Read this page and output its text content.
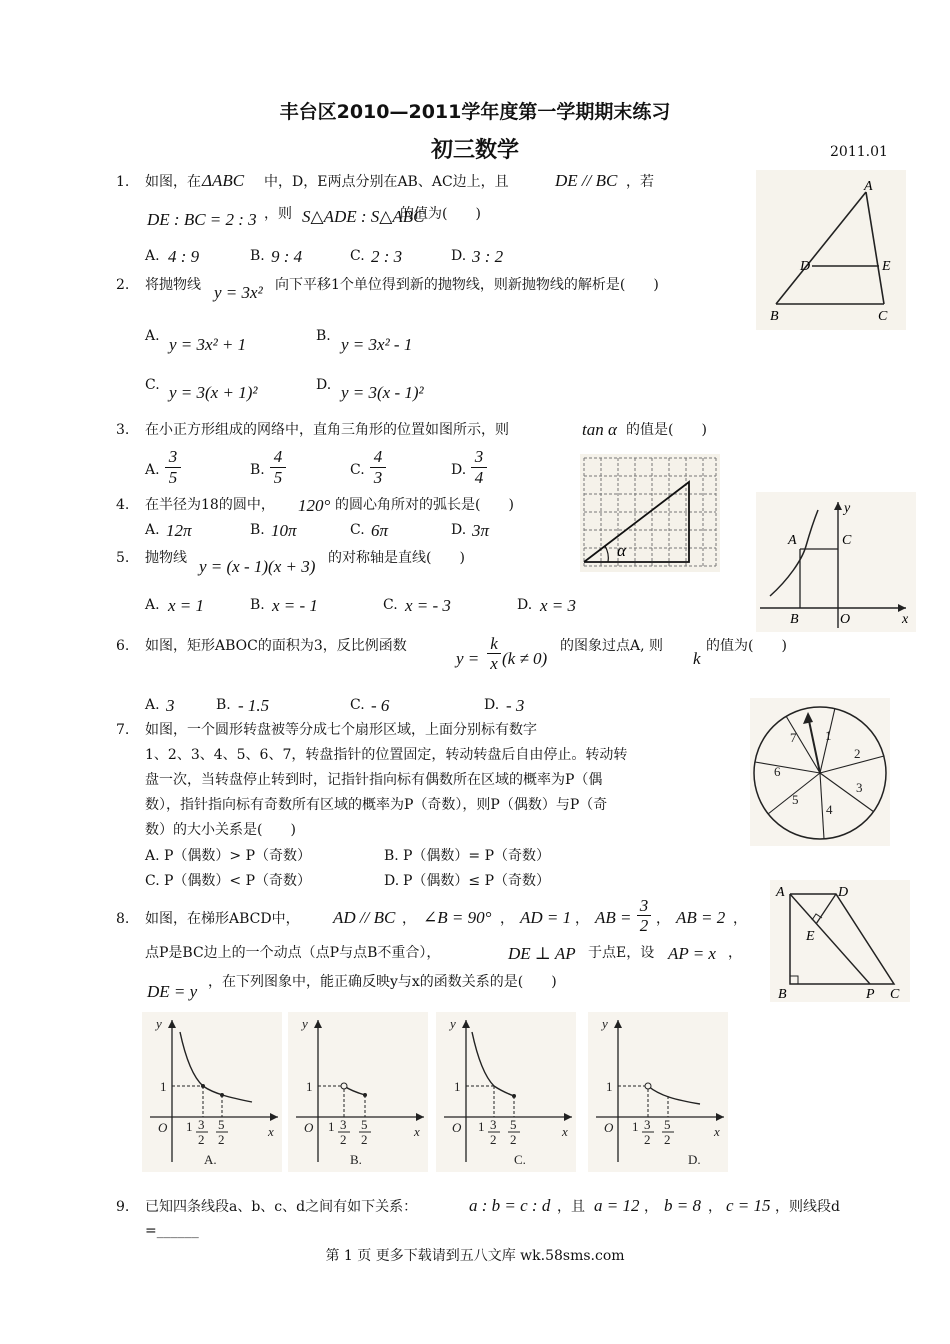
丰台区2010—2011学年度第一学期期末练习
初三数学	2011.01
1. 如图，在 ΔABC 中，D，E两点分别在AB、AC边上，且	DE // BC ，若
DE : BC = 2 : 3 ，则 S△ADE : S△ABC
的值为(　　)
A. 4 : 9	B. 9 : 4	C. 2 : 3	D. 3 : 2
A
D	E
B	C
2. 将抛物线 y = 3x² 向下平移1个单位得到新的抛物线，则新抛物线的解析是(　　)
A. y = 3x² + 1	B. y = 3x² - 1
C. y = 3(x + 1)²	D. y = 3(x - 1)²
3. 在小正方形组成的网络中，直角三角形的位置如图所示，则	tan α 的值是(　　)
A.
3
5	B.
4
5	C.
4
3	D.
3
4
α
4. 在半径为18的圆中， 120° 的圆心角所对的弧长是(　　)
A. 12π	B. 10π	C. 6π	D. 3π
5. 抛物线 y = (x - 1)(x + 3) 的对称轴是直线(　　)
A. x = 1	B. x = - 1	C. x = - 3	D. x = 3
A	C
B	O	x
y
6. 如图，矩形ABOC的面积为3，反比例函数
y =
k
x (k ≠ 0)
的图象过点A, 则
k
的值为(　　)
A. 3	B. - 1.5	C. - 6	D. - 3
1
2
3
4
5
6
7
7. 如图，一个圆形转盘被等分成七个扇形区域，上面分别标有数字
1、2、3、4、5、6、7，转盘指针的位置固定，转动转盘后自由停止。转动转
盘一次，当转盘停止转到时，记指针指向标有偶数所在区域的概率为P（偶
数），指针指向标有奇数所有区域的概率为P（奇数），则P（偶数）与P（奇
数）的大小关系是(　　)
A. P（偶数）> P（奇数）	B. P（偶数）= P（奇数）
C. P（偶数）< P（奇数）	D. P（偶数）≤ P（奇数）
A	D
E
B	P C
8. 如图，在梯形ABCD中， AD // BC ， ∠B = 90° ， AD = 1 ， AB =
3
2 ， AB = 2 ，
点P是BC边上的一个动点（点P与点B不重合），	DE ⊥ AP 于点E，设 AP = x ，
DE = y ，在下列图象中，能正确反映y与x的函数关系的是(　　)
y
x
O
1
1 3
2
5
2
A.
y
x
O
1
1 3
2
5
2
B.
y
x
O
1
1 3
2
5
2
C.
y
x
O
1
1 3
2
5
2
D.
9. 已知四条线段a、b、c、d之间有如下关系：	a : b = c : d ，且 a = 12 ， b = 8 ， c = 15 ，则线段d
=______
第 1 页 更多下载请到五八文库 wk.58sms.com
